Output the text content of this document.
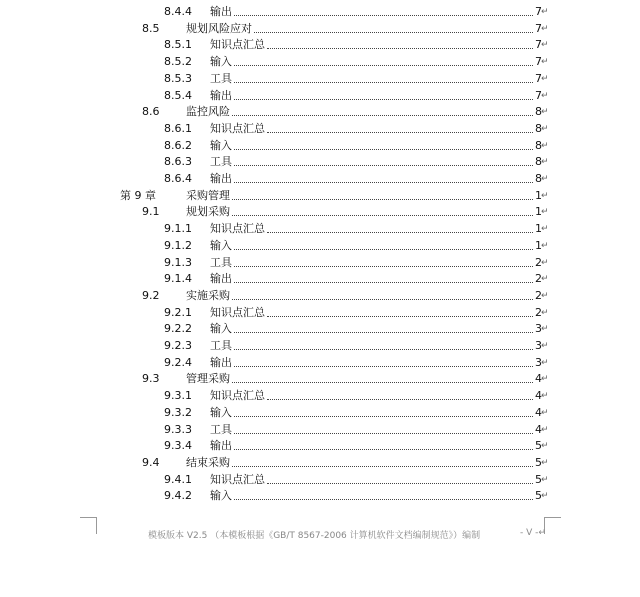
8.4.4 输出	7 ↵
8.5 规划风险应对	7 ↵
8.5.1 知识点汇总	7 ↵
8.5.2 输入	7 ↵
8.5.3 工具	7 ↵
8.5.4 输出	7 ↵
8.6 监控风险	8 ↵
8.6.1 知识点汇总	8 ↵
8.6.2 输入	8 ↵
8.6.3 工具	8 ↵
8.6.4 输出	8 ↵
第 9 章	采购管理	1 ↵
9.1 规划采购	1 ↵
9.1.1 知识点汇总	1 ↵
9.1.2 输入	1 ↵
9.1.3 工具	2 ↵
9.1.4 输出	2 ↵
9.2 实施采购	2 ↵
9.2.1 知识点汇总	2 ↵
9.2.2 输入	3 ↵
9.2.3 工具	3 ↵
9.2.4 输出	3 ↵
9.3 管理采购	4 ↵
9.3.1 知识点汇总	4 ↵
9.3.2 输入	4 ↵
9.3.3 工具	4 ↵
9.3.4 输出	5 ↵
9.4 结束采购	5 ↵
9.4.1 知识点汇总	5 ↵
9.4.2 输入	5 ↵
模板版本 V2.5 （本模板根据《GB/T 8567-2006 计算机软件文档编制规范》）编制	- V -↵
